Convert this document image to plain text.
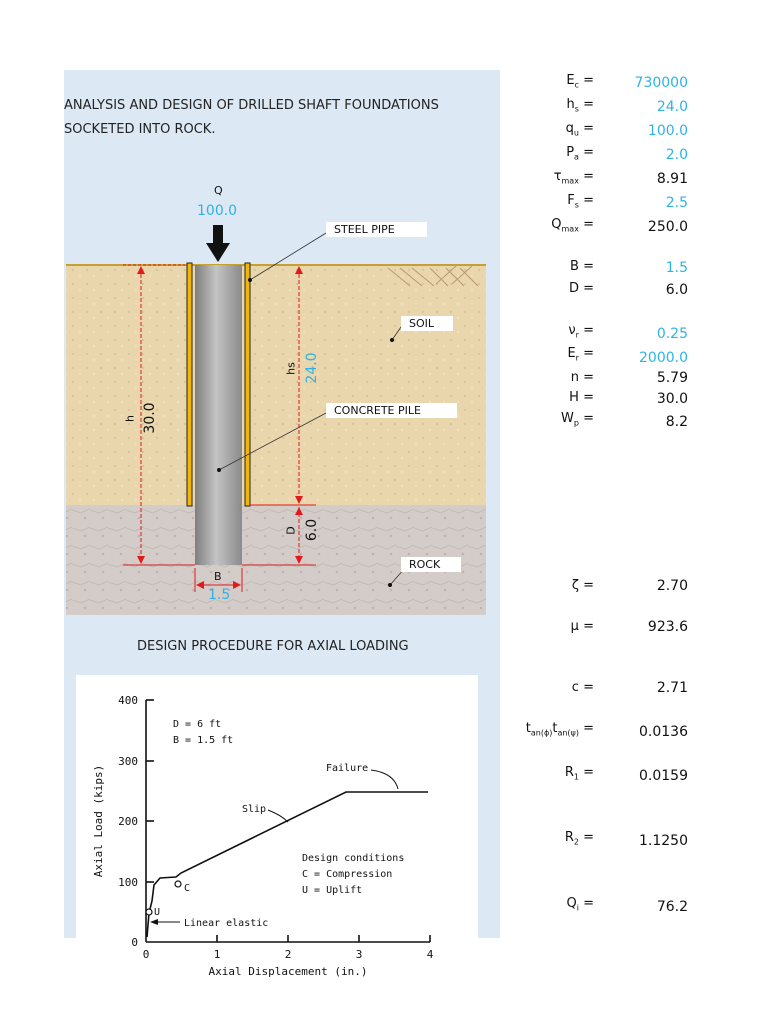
ANALYSIS AND DESIGN OF DRILLED SHAFT FOUNDATIONS
SOCKETED INTO ROCK.
Q
100.0
STEEL PIPE
SOIL
CONCRETE PILE
ROCK
h 30.0
hs 24.0
D 6.0
B
1.5
DESIGN PROCEDURE FOR AXIAL LOADING
400
300
200
100
0
0	1	2	3	4
Axial Displacement (in.)
Axial Load (kips)
D = 6 ft
B = 1.5 ft
Failure
Slip
Linear elastic
C
U
Design conditions
C = Compression
U = Uplift
$E_c$ =	730000
$h_s$ =	24.0
$q_u$ =	100.0
$P_a$ =	2.0
$\tau_{max}$ =	8.91
$F_s$ =	2.5
$Q_{max}$ =	250.0
B =	1.5
D =	6.0
$\nu_r$ =	0.25
$E_r$ =	2000.0
n =	5.79
H =	30.0
$W_p$ =	8.2
ζ =	2.70
μ =	923.6
c =	2.71
$t_{an(\phi)}t_{an(\psi)}$ =	0.0136
$R_1$ =	0.0159
$R_2$ =	1.1250
$Q_i$ =	76.2
